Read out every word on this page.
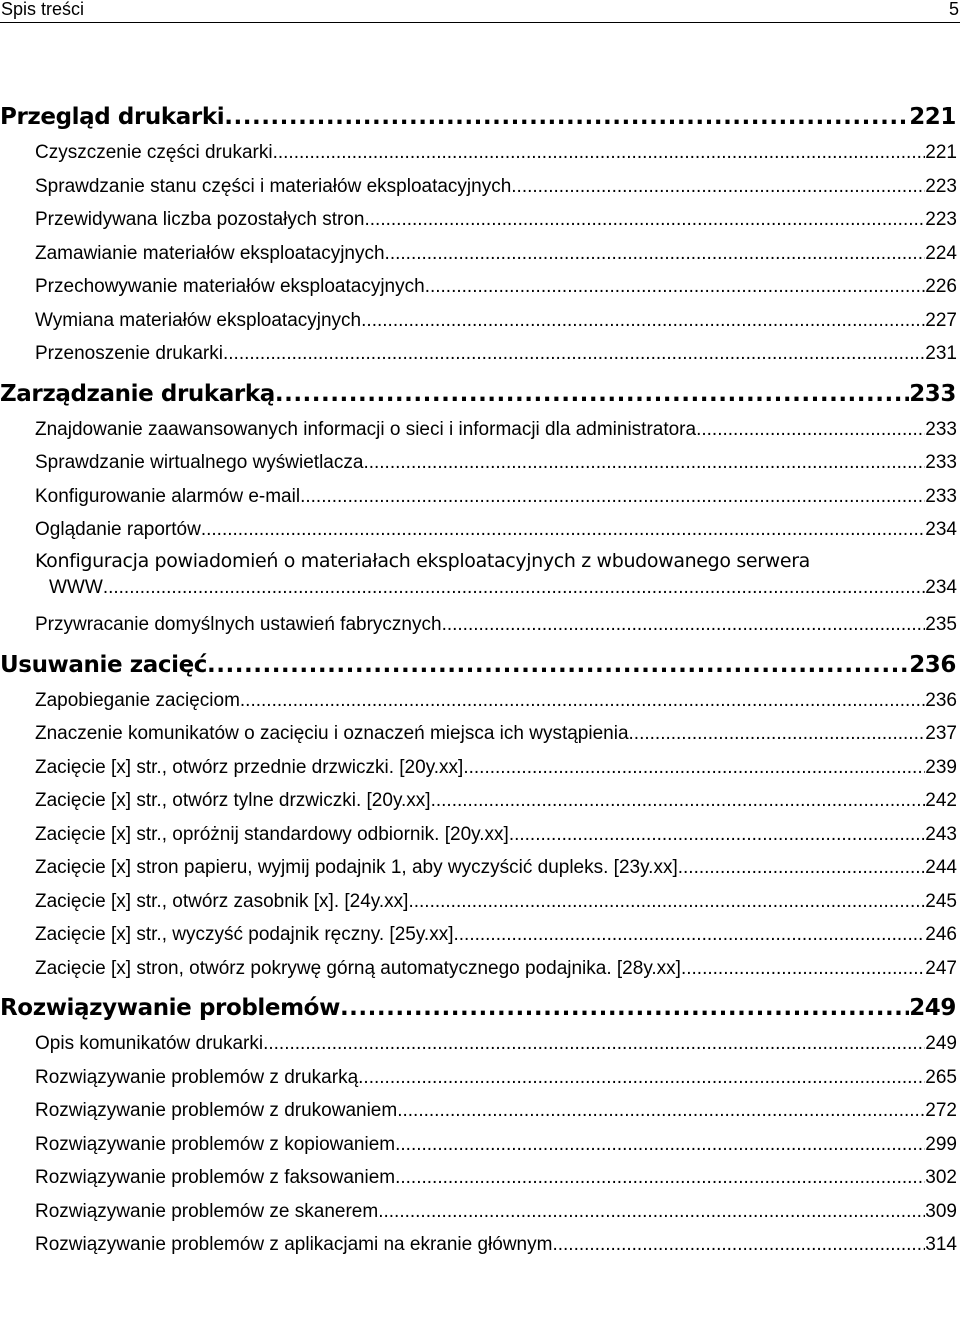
Spis treści	5
Przegląd drukarki .....	221
Czyszczenie części drukarki .....	221
Sprawdzanie stanu części i materiałów eksploatacyjnych .....	223
Przewidywana liczba pozostałych stron .....	223
Zamawianie materiałów eksploatacyjnych .....	224
Przechowywanie materiałów eksploatacyjnych .....	226
Wymiana materiałów eksploatacyjnych .....	227
Przenoszenie drukarki .....	231
Zarządzanie drukarką .....	233
Znajdowanie zaawansowanych informacji o sieci i informacji dla administratora .....	233
Sprawdzanie wirtualnego wyświetlacza .....	233
Konfigurowanie alarmów e-mail .....	233
Oglądanie raportów .....	234
Konfiguracja powiadomień o materiałach eksploatacyjnych z wbudowanego serwera
WWW .....	234
Przywracanie domyślnych ustawień fabrycznych .....	235
Usuwanie zacięć .....	236
Zapobieganie zacięciom .....	236
Znaczenie komunikatów o zacięciu i oznaczeń miejsca ich wystąpienia .....	237
Zacięcie [x] str., otwórz przednie drzwiczki. [20y.xx] .....	239
Zacięcie [x] str., otwórz tylne drzwiczki. [20y.xx] .....	242
Zacięcie [x] str., opróżnij standardowy odbiornik. [20y.xx] .....	243
Zacięcie [x] stron papieru, wyjmij podajnik 1, aby wyczyścić dupleks. [23y.xx] .....	244
Zacięcie [x] str., otwórz zasobnik [x]. [24y.xx] .....	245
Zacięcie [x] str., wyczyść podajnik ręczny. [25y.xx] .....	246
Zacięcie [x] stron, otwórz pokrywę górną automatycznego podajnika. [28y.xx] .....	247
Rozwiązywanie problemów .....	249
Opis komunikatów drukarki .....	249
Rozwiązywanie problemów z drukarką .....	265
Rozwiązywanie problemów z drukowaniem .....	272
Rozwiązywanie problemów z kopiowaniem .....	299
Rozwiązywanie problemów z faksowaniem .....	302
Rozwiązywanie problemów ze skanerem .....	309
Rozwiązywanie problemów z aplikacjami na ekranie głównym .....	314
